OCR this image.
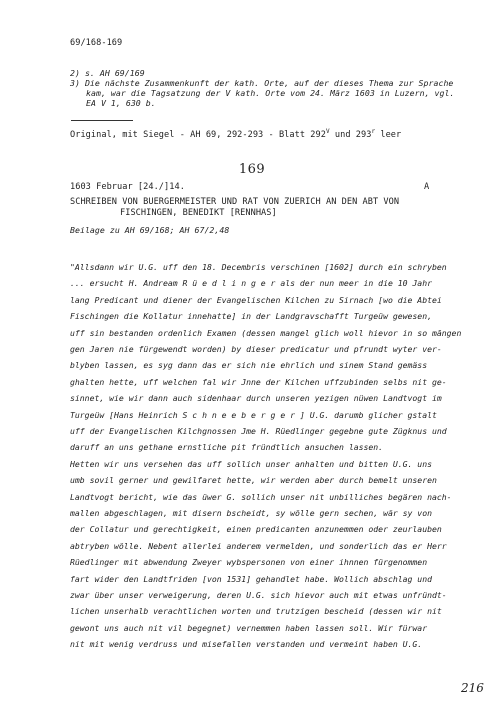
69/168-169
2) s. AH 69/169
3) Die nächste Zusammenkunft der kath. Orte, auf der dieses Thema zur Sprache
kam, war die Tagsatzung der V kath. Orte vom 24. März 1603 in Luzern, vgl.
EA V 1, 630 b.
Original, mit Siegel - AH 69, 292-293 - Blatt $292^V$ und 293$^r$ leer
169
1603 Februar [24./]14.	A
SCHREIBEN VON BUERGERMEISTER UND RAT VON ZUERICH AN DEN ABT VON
FISCHINGEN, BENEDIKT [RENNHAS]
Beilage zu AH 69/168; AH 67/2,48
"Allsdann wir U.G. uff den 18. Decembris verschinen [1602] durch ein schryben
... ersucht H. Andream R ü e d l i n g e r als der nun meer in die 10 Jahr
lang Predicant und diener der Evangelischen Kilchen zu Sirnach [wo die Abtei
Fischingen die Kollatur innehatte] in der Landgravschafft Turgeüw gewesen,
uff sin bestanden ordenlich Examen (dessen mangel glich woll hievor in so māngen
gen Jaren nie fürgewendt worden) by dieser predicatur und pfrundt wyter ver-
blyben lassen, es syg dann das er sich nie ehrlich und sinem Stand gemäss
ghalten hette, uff welchen fal wir Jnne der Kilchen uffzubinden selbs nit ge-
sinnet, wie wir dann auch sidenhaar durch unseren yezigen nüwen Landtvogt im
Turgeüw [Hans Heinrich S c h n e e b e r g e r ] U.G. darumb glicher gstalt
uff der Evangelischen Kilchgnossen Jme H. Rüedlinger gegebne gute Zügknus und
daruff an uns gethane ernstliche pit fründtlich ansuchen lassen.
Hetten wir uns versehen das uff sollich unser anhalten und bitten U.G. uns
umb sovil gerner und gewilfaret hette, wir werden aber durch bemelt unseren
Landtvogt bericht, wie das üwer G. sollich unser nit unbilliches begären nach-
mallen abgeschlagen, mit disern bscheidt, sy wölle gern sechen, wär sy von
der Collatur und gerechtigkeit, einen predicanten anzunemmen oder zeurlauben
abtryben wölle. Nebent allerlei anderem vermelden, und sonderlich das er Herr
Rüedlinger mit abwendung Zweyer wybspersonen von einer ihnnen fürgenommen
fart wider den Landtfriden [von 1531] gehandlet habe. Wollich abschlag und
zwar über unser verweigerung, deren U.G. sich hievor auch mit etwas unfründt-
lichen unserhalb verachtlichen worten und trutzigen bescheid (dessen wir nit
gewont uns auch nit vil begegnet) vernemmen haben lassen soll. Wir fürwar
nit mit wenig verdruss und misefallen verstanden und vermeint haben U.G.
216
